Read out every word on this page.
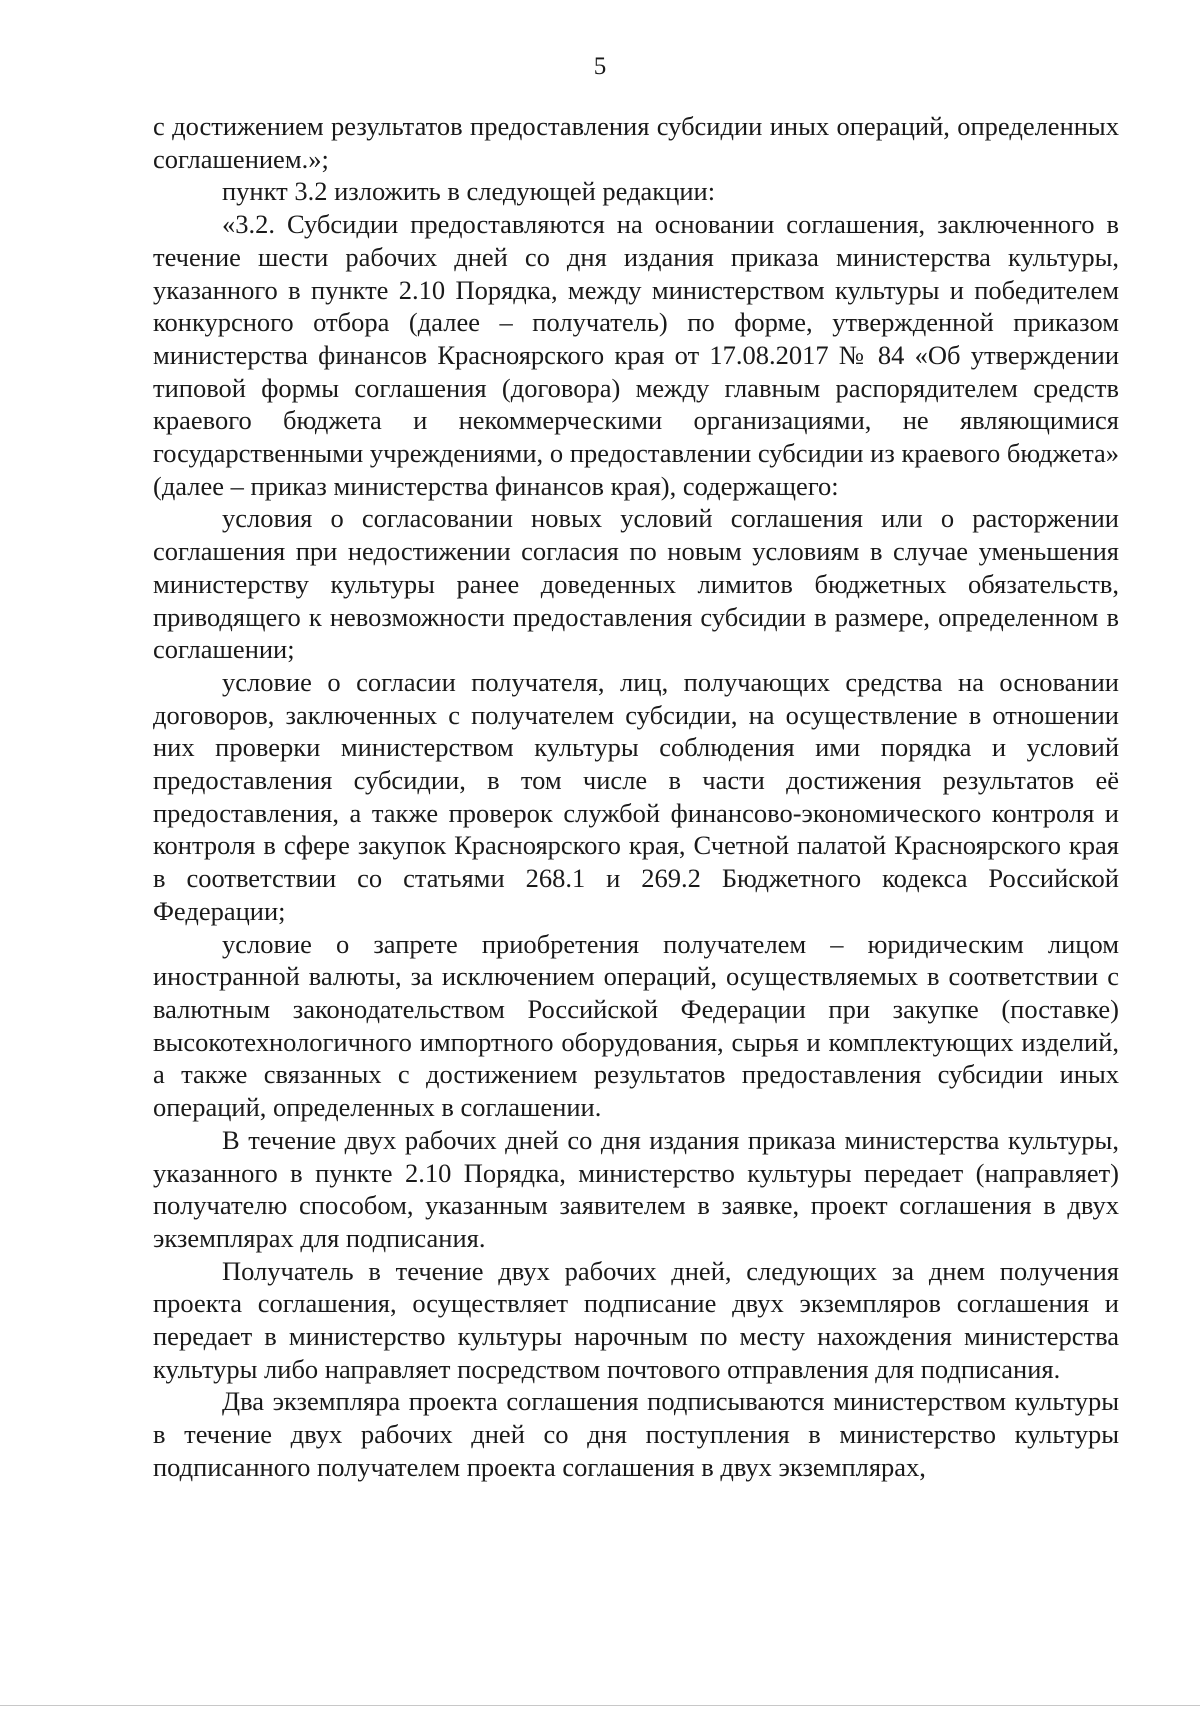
5

с достижением результатов предоставления субсидии иных операций, определенных соглашением.»;

пункт 3.2 изложить в следующей редакции:

«3.2. Субсидии предоставляются на основании соглашения, заключенного в течение шести рабочих дней со дня издания приказа министерства культуры, указанного в пункте 2.10 Порядка, между министерством культуры и победителем конкурсного отбора (далее – получатель) по форме, утвержденной приказом министерства финансов Красноярского края от 17.08.2017 № 84 «Об утверждении типовой формы соглашения (договора) между главным распорядителем средств краевого бюджета и некоммерческими организациями, не являющимися государственными учреждениями, о предоставлении субсидии из краевого бюджета» (далее – приказ министерства финансов края), содержащего:

условия о согласовании новых условий соглашения или о расторжении соглашения при недостижении согласия по новым условиям в случае уменьшения министерству культуры ранее доведенных лимитов бюджетных обязательств, приводящего к невозможности предоставления субсидии в размере, определенном в соглашении;

условие о согласии получателя, лиц, получающих средства на основании договоров, заключенных с получателем субсидии, на осуществление в отношении них проверки министерством культуры соблюдения ими порядка и условий предоставления субсидии, в том числе в части достижения результатов её предоставления, а также проверок службой финансово-экономического контроля и контроля в сфере закупок Красноярского края, Счетной палатой Красноярского края в соответствии со статьями 268.1 и 269.2 Бюджетного кодекса Российской Федерации;

условие о запрете приобретения получателем – юридическим лицом иностранной валюты, за исключением операций, осуществляемых в соответствии с валютным законодательством Российской Федерации при закупке (поставке) высокотехнологичного импортного оборудования, сырья и комплектующих изделий, а также связанных с достижением результатов предоставления субсидии иных операций, определенных в соглашении.

В течение двух рабочих дней со дня издания приказа министерства культуры, указанного в пункте 2.10 Порядка, министерство культуры передает (направляет) получателю способом, указанным заявителем в заявке, проект соглашения в двух экземплярах для подписания.

Получатель в течение двух рабочих дней, следующих за днем получения проекта соглашения, осуществляет подписание двух экземпляров соглашения и передает в министерство культуры нарочным по месту нахождения министерства культуры либо направляет посредством почтового отправления для подписания.

Два экземпляра проекта соглашения подписываются министерством культуры в течение двух рабочих дней со дня поступления в министерство культуры подписанного получателем проекта соглашения в двух экземплярах,
